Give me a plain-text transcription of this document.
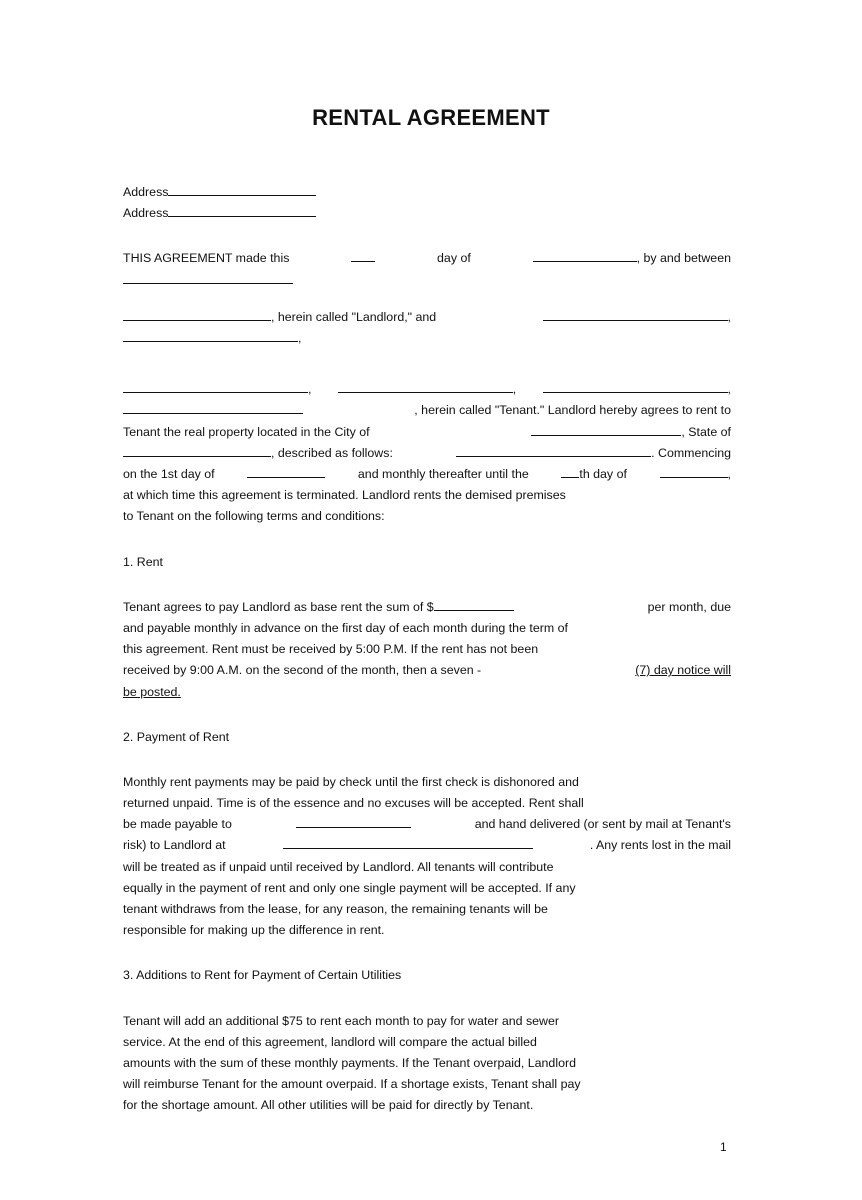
RENTAL AGREEMENT
Address
Address
THIS AGREEMENT made this	day of	, by and between
, herein called "Landlord," and	,
,
,	,	,
, herein called "Tenant." Landlord hereby agrees to rent to
Tenant the real property located in the City of	, State of
, described as follows:	. Commencing
on the 1st day of	and monthly thereafter until the	th day of	,
at which time this agreement is terminated. Landlord rents the demised premises
to Tenant on the following terms and conditions:
1. Rent
Tenant agrees to pay Landlord as base rent the sum of $	per month, due
and payable monthly in advance on the first day of each month during the term of
this agreement. Rent must be received by 5:00 P.M. If the rent has not been
received by 9:00 A.M. on the second of the month, then a seven -	(7) day notice will
be posted.
2. Payment of Rent
Monthly rent payments may be paid by check until the first check is dishonored and
returned unpaid. Time is of the essence and no excuses will be accepted. Rent shall
be made payable to	and hand delivered (or sent by mail at Tenant's
risk) to Landlord at	. Any rents lost in the mail
will be treated as if unpaid until received by Landlord. All tenants will contribute
equally in the payment of rent and only one single payment will be accepted. If any
tenant withdraws from the lease, for any reason, the remaining tenants will be
responsible for making up the difference in rent.
3. Additions to Rent for Payment of Certain Utilities
Tenant will add an additional $75 to rent each month to pay for water and sewer
service. At the end of this agreement, landlord will compare the actual billed
amounts with the sum of these monthly payments. If the Tenant overpaid, Landlord
will reimburse Tenant for the amount overpaid. If a shortage exists, Tenant shall pay
for the shortage amount. All other utilities will be paid for directly by Tenant.
1
